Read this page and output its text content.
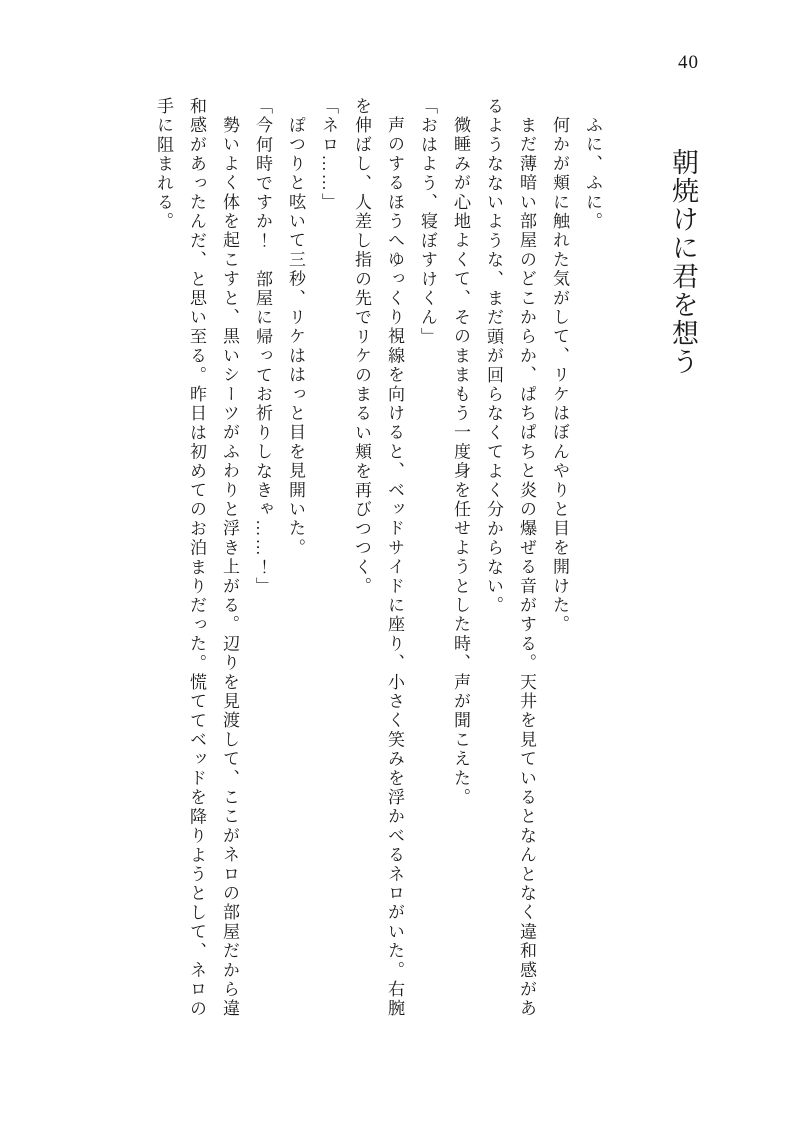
40
朝焼けに君を想う

ふに、ふに。

何かが頬に触れた気がして、リケはぼんやりと目を開けた。

まだ薄暗い部屋のどこからか、ぱちぱちと炎の爆ぜる音がする。天井を見ているとなんとなく違和感があるようなないような、まだ頭が回らなくてよく分からない。

微睡みが心地よくて、そのままもう一度身を任せようとした時、声が聞こえた。

「おはよう、寝ぼすけくん」

声のするほうへゆっくり視線を向けると、ベッドサイドに座り、小さく笑みを浮かべるネロがいた。右腕を伸ばし、人差し指の先でリケのまるい頬を再びつつく。

「ネロ……」

ぽつりと呟いて三秒、リケははっと目を見開いた。

「今何時ですか！　部屋に帰ってお祈りしなきゃ……！」

勢いよく体を起こすと、黒いシーツがふわりと浮き上がる。辺りを見渡して、ここがネロの部屋だから違和感があったんだ、と思い至る。昨日は初めてのお泊まりだった。慌ててベッドを降りようとして、ネロの手に阻まれる。
